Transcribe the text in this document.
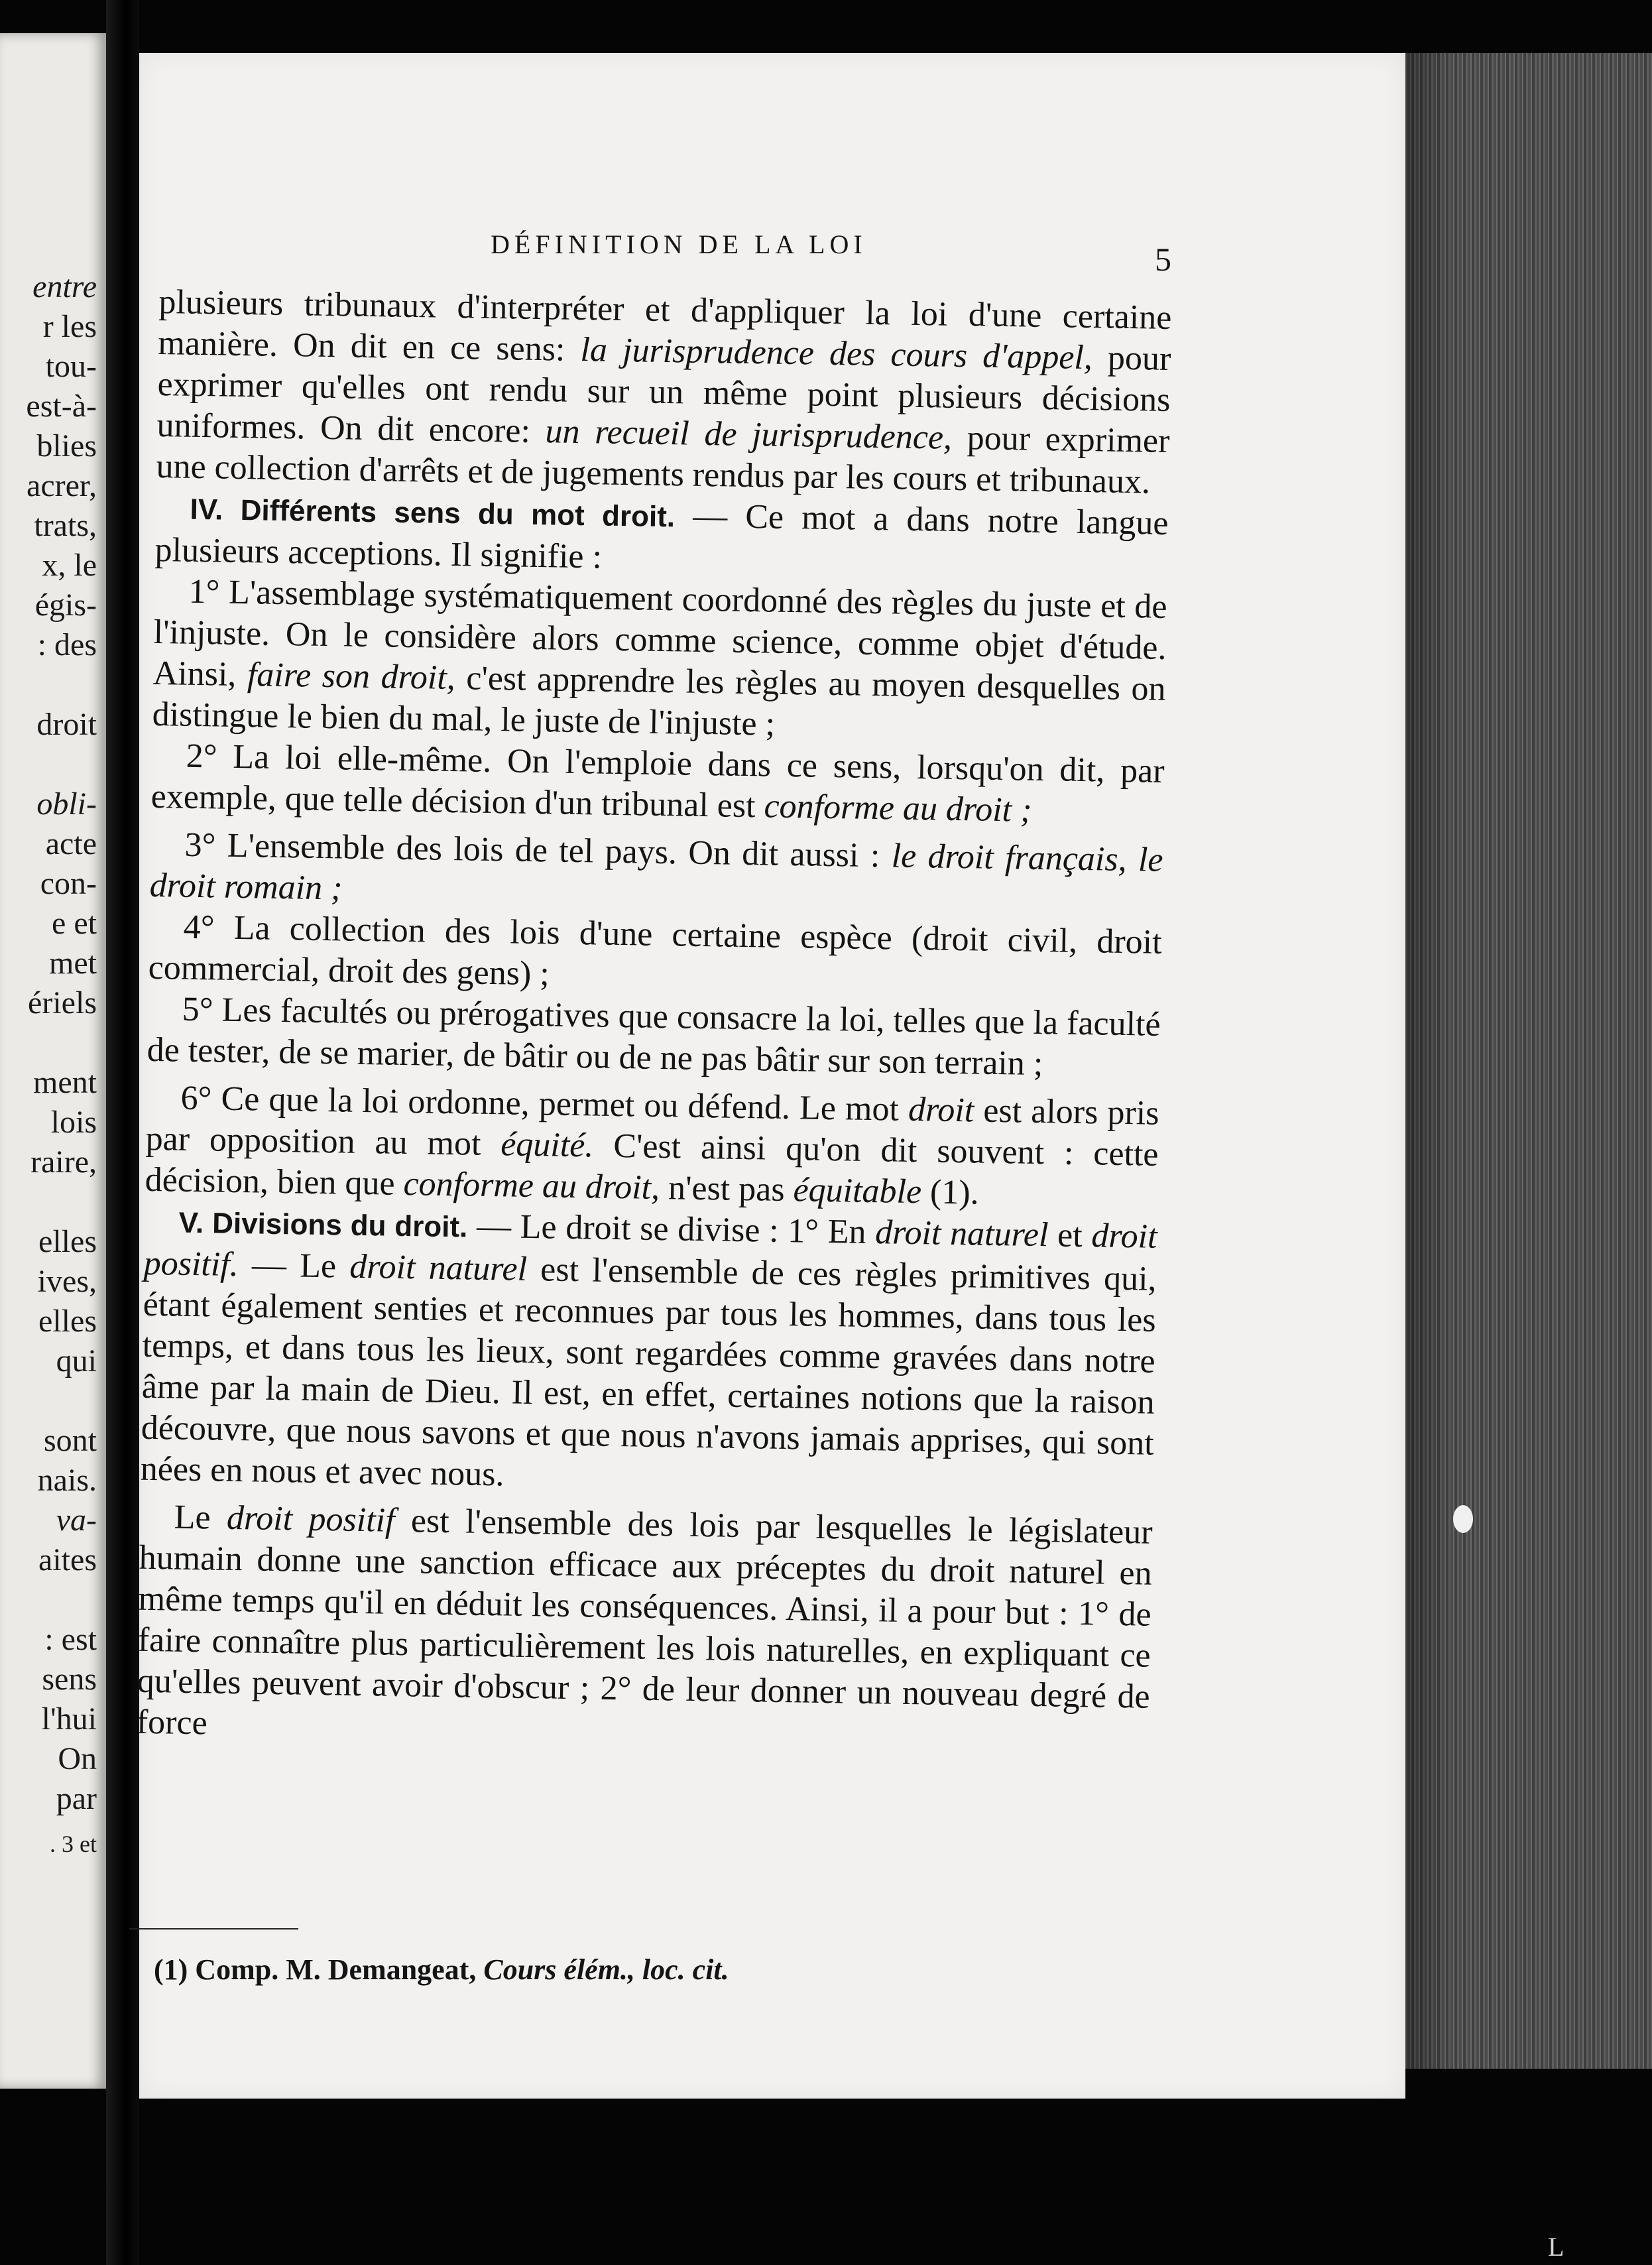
entre
r les
tou-
est-à-
blies
acrer,
trats,
x, le
égis-
: des
droit
obli-
acte
con-
e et
met
ériels
ment
lois
raire,
elles
ives,
elles
qui
sont
nais.
va-
aites
: est
sens
l'hui
On
par
. 3 et
DÉFINITION DE LA LOI	5

plusieurs tribunaux d'interpréter et d'appliquer la loi d'une certaine manière. On dit en ce sens: la jurisprudence des cours d'appel, pour exprimer qu'elles ont rendu sur un même point plusieurs décisions uniformes. On dit encore: un recueil de jurisprudence, pour exprimer une collection d'arrêts et de jugements rendus par les cours et tribunaux.

IV. Différents sens du mot droit. — Ce mot a dans notre langue plusieurs acceptions. Il signifie :

1° L'assemblage systématiquement coordonné des règles du juste et de l'injuste. On le considère alors comme science, comme objet d'étude. Ainsi, faire son droit, c'est apprendre les règles au moyen desquelles on distingue le bien du mal, le juste de l'injuste ;

2° La loi elle-même. On l'emploie dans ce sens, lorsqu'on dit, par exemple, que telle décision d'un tribunal est conforme au droit ;

3° L'ensemble des lois de tel pays. On dit aussi : le droit français, le droit romain ;

4° La collection des lois d'une certaine espèce (droit civil, droit commercial, droit des gens) ;

5° Les facultés ou prérogatives que consacre la loi, telles que la faculté de tester, de se marier, de bâtir ou de ne pas bâtir sur son terrain ;

6° Ce que la loi ordonne, permet ou défend. Le mot droit est alors pris par opposition au mot équité. C'est ainsi qu'on dit souvent : cette décision, bien que conforme au droit, n'est pas équitable (1).

V. Divisions du droit. — Le droit se divise : 1° En droit naturel et droit positif. — Le droit naturel est l'ensemble de ces règles primitives qui, étant également senties et reconnues par tous les hommes, dans tous les temps, et dans tous les lieux, sont regardées comme gravées dans notre âme par la main de Dieu. Il est, en effet, certaines notions que la raison découvre, que nous savons et que nous n'avons jamais apprises, qui sont nées en nous et avec nous.

Le droit positif est l'ensemble des lois par lesquelles le législateur humain donne une sanction efficace aux préceptes du droit naturel en même temps qu'il en déduit les conséquences. Ainsi, il a pour but : 1° de faire connaître plus particulièrement les lois naturelles, en expliquant ce qu'elles peuvent avoir d'obscur ; 2° de leur donner un nouveau degré de force

(1) Comp. M. Demangeat, Cours élém., loc. cit.
L
